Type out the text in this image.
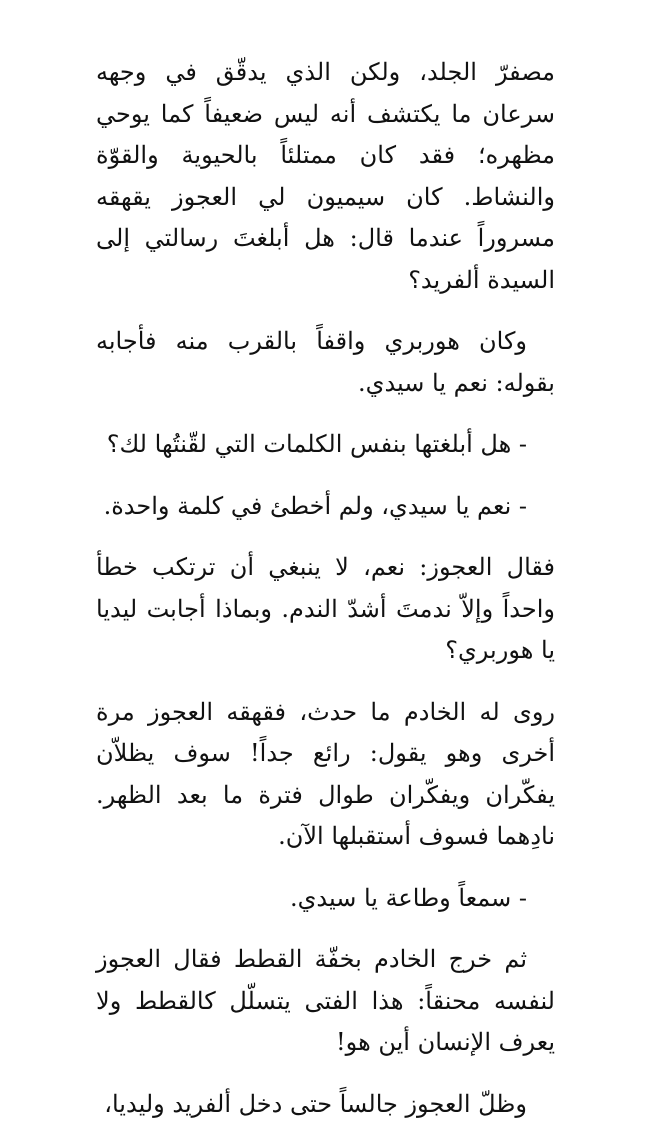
مصفرّ الجلد، ولكن الذي يدقّق في وجهه سرعان ما يكتشف أنه ليس ضعيفاً كما يوحي مظهره؛ فقد كان ممتلئاً بالحيوية والقوّة والنشاط. كان سيميون لي العجوز يقهقه مسروراً عندما قال: هل أبلغتَ رسالتي إلى السيدة ألفريد؟

وكان هوربري واقفاً بالقرب منه فأجابه بقوله: نعم يا سيدي.

- هل أبلغتها بنفس الكلمات التي لقّنتُها لك؟

- نعم يا سيدي، ولم أخطئ في كلمة واحدة.

فقال العجوز: نعم، لا ينبغي أن ترتكب خطأ واحداً وإلاّ ندمتَ أشدّ الندم. وبماذا أجابت ليديا يا هوربري؟

روى له الخادم ما حدث، فقهقه العجوز مرة أخرى وهو يقول: رائع جداً! سوف يظلاّن يفكّران ويفكّران طوال فترة ما بعد الظهر. نادِهما فسوف أستقبلها الآن.

- سمعاً وطاعة يا سيدي.

ثم خرج الخادم بخفّة القطط فقال العجوز لنفسه محنقاً: هذا الفتى يتسلّل كالقطط ولا يعرف الإنسان أين هو!

وظلّ العجوز جالساً حتى دخل ألفريد وليديا،
